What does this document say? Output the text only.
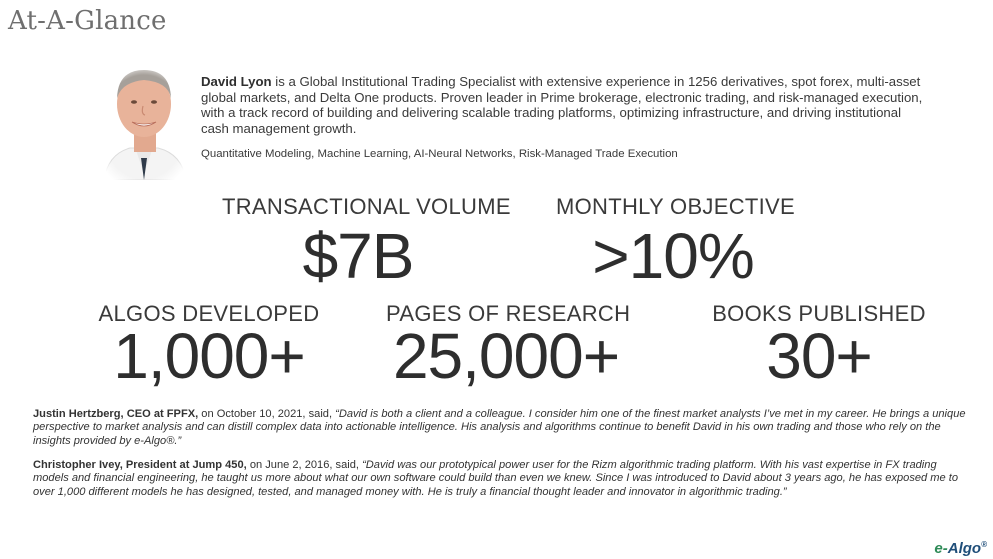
At-A-Glance
David Lyon is a Global Institutional Trading Specialist with extensive experience in 1256 derivatives, spot forex, multi-asset global markets, and Delta One products. Proven leader in Prime brokerage, electronic trading, and risk-managed execution, with a track record of building and delivering scalable trading platforms, optimizing infrastructure, and driving institutional cash management growth.
Quantitative Modeling, Machine Learning, AI-Neural Networks, Risk-Managed Trade Execution
TRANSACTIONAL VOLUME
$7B
MONTHLY OBJECTIVE
>10%
ALGOS DEVELOPED
1,000+
PAGES OF RESEARCH
25,000+
BOOKS PUBLISHED
30+
Justin Hertzberg, CEO at FPFX, on October 10, 2021, said, “David is both a client and a colleague. I consider him one of the finest market analysts I’ve met in my career. He brings a unique perspective to market analysis and can distill complex data into actionable intelligence. His analysis and algorithms continue to benefit David in his own trading and those who rely on the insights provided by e-Algo®.”
Christopher Ivey, President at Jump 450, on June 2, 2016, said, “David was our prototypical power user for the Rizm algorithmic trading platform. With his vast expertise in FX trading models and financial engineering, he taught us more about what our own software could build than even we knew. Since I was introduced to David about 3 years ago, he has exposed me to over 1,000 different models he has designed, tested, and managed money with. He is truly a financial thought leader and innovator in algorithmic trading.”
e-Algo®
